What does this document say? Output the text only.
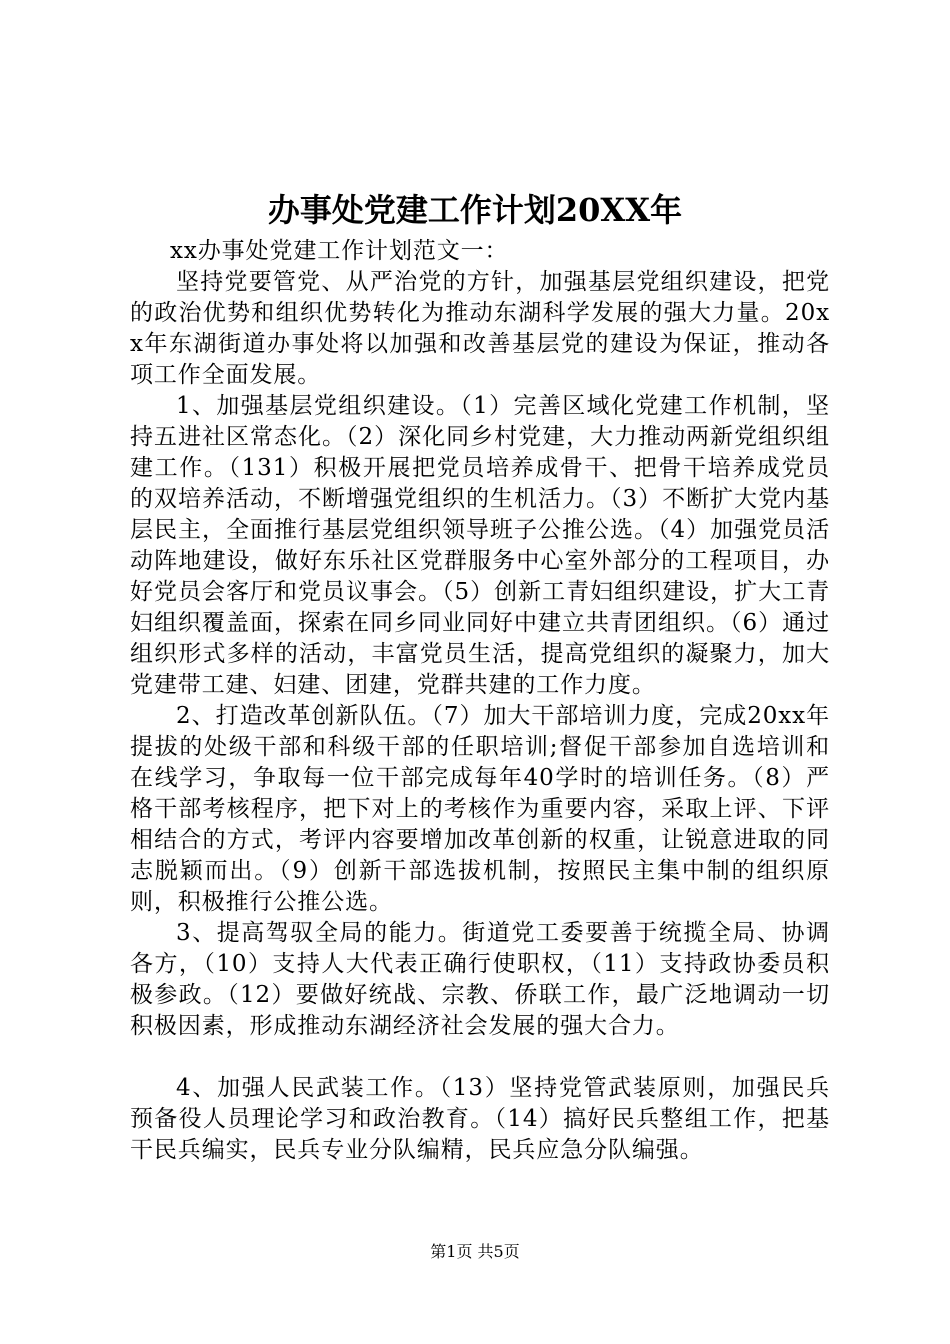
办事处党建工作计划20XX年

xx办事处党建工作计划范文一：

坚持党要管党、从严治党的方针，加强基层党组织建设，把党的政治优势和组织优势转化为推动东湖科学发展的强大力量。20xx年东湖街道办事处将以加强和改善基层党的建设为保证，推动各项工作全面发展。

1、加强基层党组织建设。（1）完善区域化党建工作机制，坚持五进社区常态化。（2）深化同乡村党建，大力推动两新党组织组建工作。（131）积极开展把党员培养成骨干、把骨干培养成党员的双培养活动，不断增强党组织的生机活力。（3）不断扩大党内基层民主，全面推行基层党组织领导班子公推公选。（4）加强党员活动阵地建设，做好东乐社区党群服务中心室外部分的工程项目，办好党员会客厅和党员议事会。（5）创新工青妇组织建设，扩大工青妇组织覆盖面，探索在同乡同业同好中建立共青团组织。（6）通过组织形式多样的活动，丰富党员生活，提高党组织的凝聚力，加大党建带工建、妇建、团建，党群共建的工作力度。

2、打造改革创新队伍。（7）加大干部培训力度，完成20xx年提拔的处级干部和科级干部的任职培训;督促干部参加自选培训和在线学习，争取每一位干部完成每年40学时的培训任务。（8）严格干部考核程序，把下对上的考核作为重要内容，采取上评、下评相结合的方式，考评内容要增加改革创新的权重，让锐意进取的同志脱颖而出。（9）创新干部选拔机制，按照民主集中制的组织原则，积极推行公推公选。

3、提高驾驭全局的能力。街道党工委要善于统揽全局、协调各方，（10）支持人大代表正确行使职权，（11）支持政协委员积极参政。（12）要做好统战、宗教、侨联工作，最广泛地调动一切积极因素，形成推动东湖经济社会发展的强大合力。

4、加强人民武装工作。（13）坚持党管武装原则，加强民兵预备役人员理论学习和政治教育。（14）搞好民兵整组工作，把基干民兵编实，民兵专业分队编精，民兵应急分队编强。

第1页 共5页
